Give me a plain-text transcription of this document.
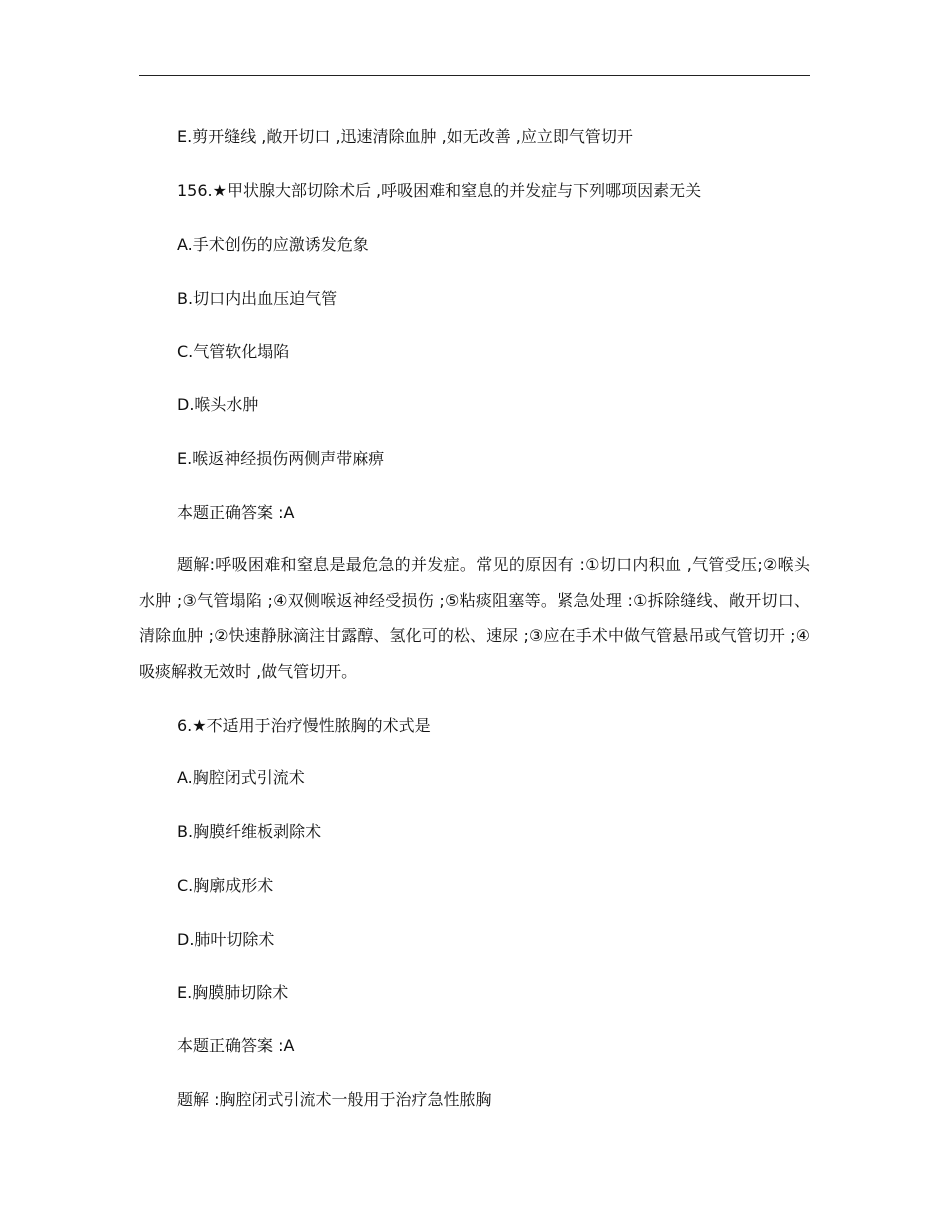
E.剪开缝线 ,敞开切口 ,迅速清除血肿 ,如无改善 ,应立即气管切开
156.★甲状腺大部切除术后 ,呼吸困难和窒息的并发症与下列哪项因素无关
A.手术创伤的应激诱发危象
B.切口内出血压迫气管
C.气管软化塌陷
D.喉头水肿
E.喉返神经损伤两侧声带麻痹
本题正确答案 :A
题解:呼吸困难和窒息是最危急的并发症。常见的原因有 :①切口内积血 ,气管受压;②喉头水肿 ;③气管塌陷 ;④双侧喉返神经受损伤 ;⑤粘痰阻塞等。紧急处理 :①拆除缝线、敞开切口、清除血肿 ;②快速静脉滴注甘露醇、氢化可的松、速尿 ;③应在手术中做气管悬吊或气管切开 ;④吸痰解救无效时 ,做气管切开。
6.★不适用于治疗慢性脓胸的术式是
A.胸腔闭式引流术
B.胸膜纤维板剥除术
C.胸廓成形术
D.肺叶切除术
E.胸膜肺切除术
本题正确答案 :A
题解 :胸腔闭式引流术一般用于治疗急性脓胸
